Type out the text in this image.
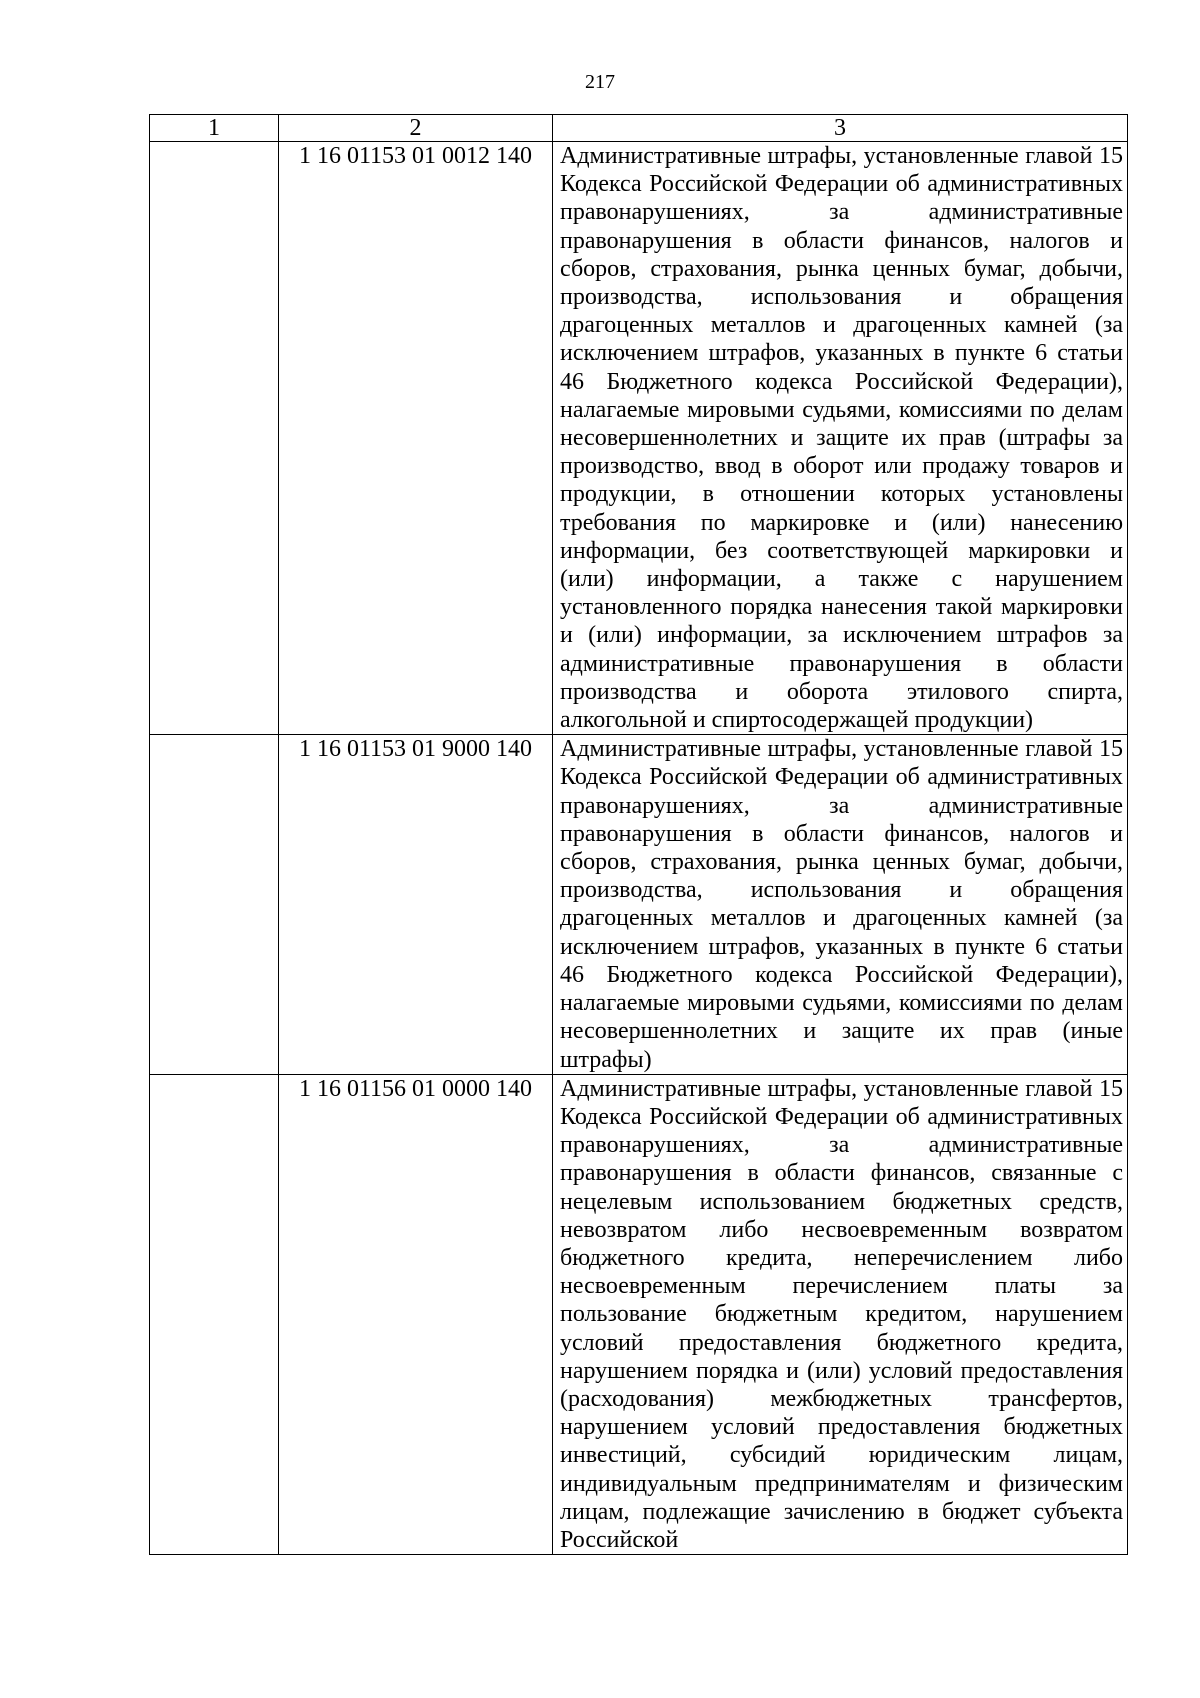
217
1	2	3
	1 16 01153 01 0012 140	Административные штрафы, установленные главой 15 Кодекса Российской Федерации об административных правонарушениях, за административные правонарушения в области финансов, налогов и сборов, страхования, рынка ценных бумаг, добычи, производства, использования и обращения драгоценных металлов и драгоценных камней (за исключением штрафов, указанных в пункте 6 статьи 46 Бюджетного кодекса Российской Федерации), налагаемые мировыми судьями, комиссиями по делам несовершеннолетних и защите их прав (штрафы за производство, ввод в оборот или продажу товаров и продукции, в отношении которых установлены требования по маркировке и (или) нанесению информации, без соответствующей маркировки и (или) информации, а также с нарушением установленного порядка нанесения такой маркировки и (или) информации, за исключением штрафов за административные правонарушения в области производства и оборота этилового спирта, алкогольной и спиртосодержащей продукции)
	1 16 01153 01 9000 140	Административные штрафы, установленные главой 15 Кодекса Российской Федерации об административных правонарушениях, за административные правонарушения в области финансов, налогов и сборов, страхования, рынка ценных бумаг, добычи, производства, использования и обращения драгоценных металлов и драгоценных камней (за исключением штрафов, указанных в пункте 6 статьи 46 Бюджетного кодекса Российской Федерации), налагаемые мировыми судьями, комиссиями по делам несовершеннолетних и защите их прав (иные штрафы)
	1 16 01156 01 0000 140	Административные штрафы, установленные главой 15 Кодекса Российской Федерации об административных правонарушениях, за административные правонарушения в области финансов, связанные с нецелевым использованием бюджетных средств, невозвратом либо несвоевременным возвратом бюджетного кредита, неперечислением либо несвоевременным перечислением платы за пользование бюджетным кредитом, нарушением условий предоставления бюджетного кредита, нарушением порядка и (или) условий предоставления (расходования) межбюджетных трансфертов, нарушением условий предоставления бюджетных инвестиций, субсидий юридическим лицам, индивидуальным предпринимателям и физическим лицам, подлежащие зачислению в бюджет субъекта Российской
